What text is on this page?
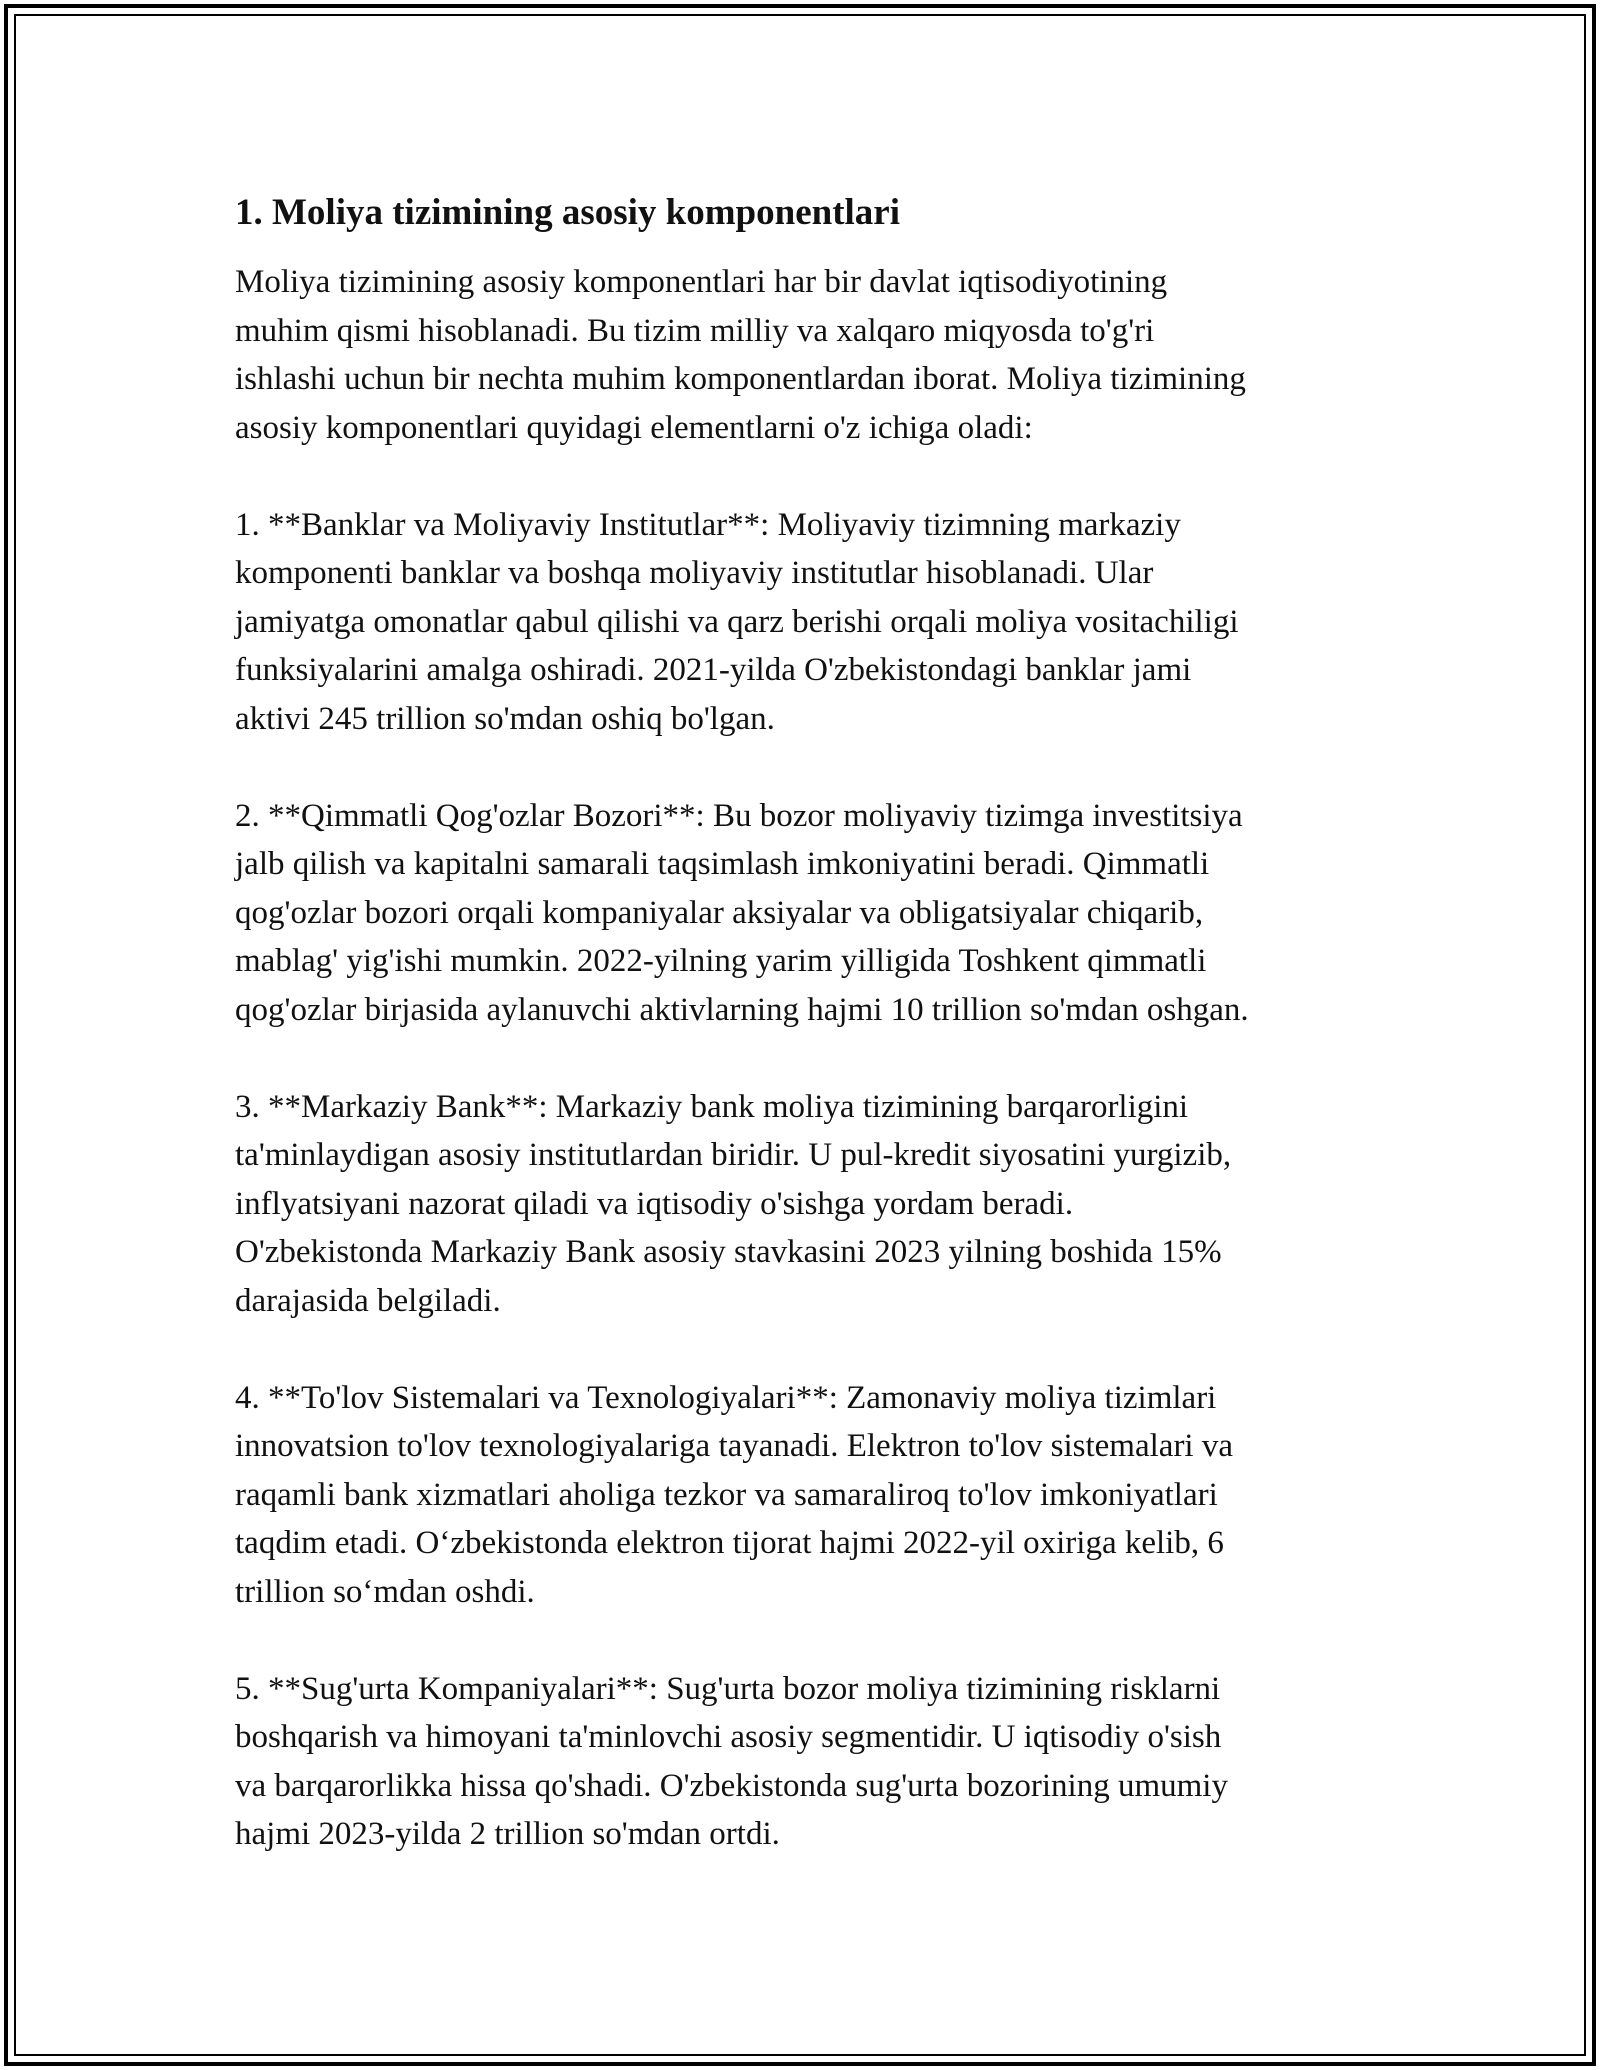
1. Moliya tizimining asosiy komponentlari
Moliya tizimining asosiy komponentlari har bir davlat iqtisodiyotining
muhim qismi hisoblanadi. Bu tizim milliy va xalqaro miqyosda to'g'ri
ishlashi uchun bir nechta muhim komponentlardan iborat. Moliya tizimining
asosiy komponentlari quyidagi elementlarni o'z ichiga oladi:
1. **Banklar va Moliyaviy Institutlar**: Moliyaviy tizimning markaziy
komponenti banklar va boshqa moliyaviy institutlar hisoblanadi. Ular
jamiyatga omonatlar qabul qilishi va qarz berishi orqali moliya vositachiligi
funksiyalarini amalga oshiradi. 2021-yilda O'zbekistondagi banklar jami
aktivi 245 trillion so'mdan oshiq bo'lgan.
2. **Qimmatli Qog'ozlar Bozori**: Bu bozor moliyaviy tizimga investitsiya
jalb qilish va kapitalni samarali taqsimlash imkoniyatini beradi. Qimmatli
qog'ozlar bozori orqali kompaniyalar aksiyalar va obligatsiyalar chiqarib,
mablag' yig'ishi mumkin. 2022-yilning yarim yilligida Toshkent qimmatli
qog'ozlar birjasida aylanuvchi aktivlarning hajmi 10 trillion so'mdan oshgan.
3. **Markaziy Bank**: Markaziy bank moliya tizimining barqarorligini
ta'minlaydigan asosiy institutlardan biridir. U pul-kredit siyosatini yurgizib,
inflyatsiyani nazorat qiladi va iqtisodiy o'sishga yordam beradi.
O'zbekistonda Markaziy Bank asosiy stavkasini 2023 yilning boshida 15%
darajasida belgiladi.
4. **To'lov Sistemalari va Texnologiyalari**: Zamonaviy moliya tizimlari
innovatsion to'lov texnologiyalariga tayanadi. Elektron to'lov sistemalari va
raqamli bank xizmatlari aholiga tezkor va samaraliroq to'lov imkoniyatlari
taqdim etadi. O‘zbekistonda elektron tijorat hajmi 2022-yil oxiriga kelib, 6
trillion so‘mdan oshdi.
5. **Sug'urta Kompaniyalari**: Sug'urta bozor moliya tizimining risklarni
boshqarish va himoyani ta'minlovchi asosiy segmentidir. U iqtisodiy o'sish
va barqarorlikka hissa qo'shadi. O'zbekistonda sug'urta bozorining umumiy
hajmi 2023-yilda 2 trillion so'mdan ortdi.
